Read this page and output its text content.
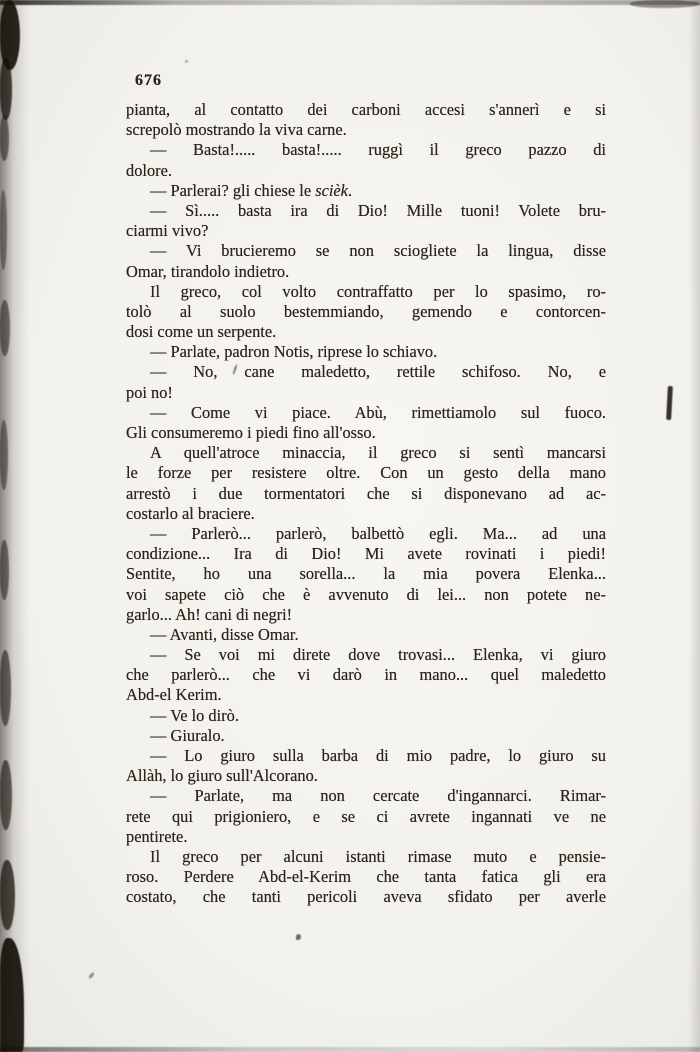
676
pianta, al contatto dei carboni accesi s'annerì e si
screpolò mostrando la viva carne.
— Basta!..... basta!..... ruggì il greco pazzo di
dolore.
— Parlerai? gli chiese le scièk.
— Sì..... basta ira di Dio! Mille tuoni! Volete bru-
ciarmi vivo?
— Vi brucieremo se non sciogliete la lingua, disse
Omar, tirandolo indietro.
Il greco, col volto contraffatto per lo spasimo, ro-
tolò al suolo bestemmiando, gemendo e contorcen-
dosi come un serpente.
— Parlate, padron Notis, riprese lo schiavo.
— No, cane maledetto, rettile schifoso. No, e
poi no!
— Come vi piace. Abù, rimettiamolo sul fuoco.
Gli consumeremo i piedi fino all'osso.
A quell'atroce minaccia, il greco si sentì mancarsi
le forze per resistere oltre. Con un gesto della mano
arrestò i due tormentatori che si disponevano ad ac-
costarlo al braciere.
— Parlerò... parlerò, balbettò egli. Ma... ad una
condizione... Ira di Dio! Mi avete rovinati i piedi!
Sentite, ho una sorella... la mia povera Elenka...
voi sapete ciò che è avvenuto di lei... non potete ne-
garlo... Ah! cani di negri!
— Avanti, disse Omar.
— Se voi mi direte dove trovasi... Elenka, vi giuro
che parlerò... che vi darò in mano... quel maledetto
Abd-el Kerim.
— Ve lo dirò.
— Giuralo.
— Lo giuro sulla barba di mio padre, lo giuro su
Allàh, lo giuro sull'Alcorano.
— Parlate, ma non cercate d'ingannarci. Rimar-
rete qui prigioniero, e se ci avrete ingannati ve ne
pentirete.
Il greco per alcuni istanti rimase muto e pensie-
roso. Perdere Abd-el-Kerim che tanta fatica gli era
costato, che tanti pericoli aveva sfidato per averle
